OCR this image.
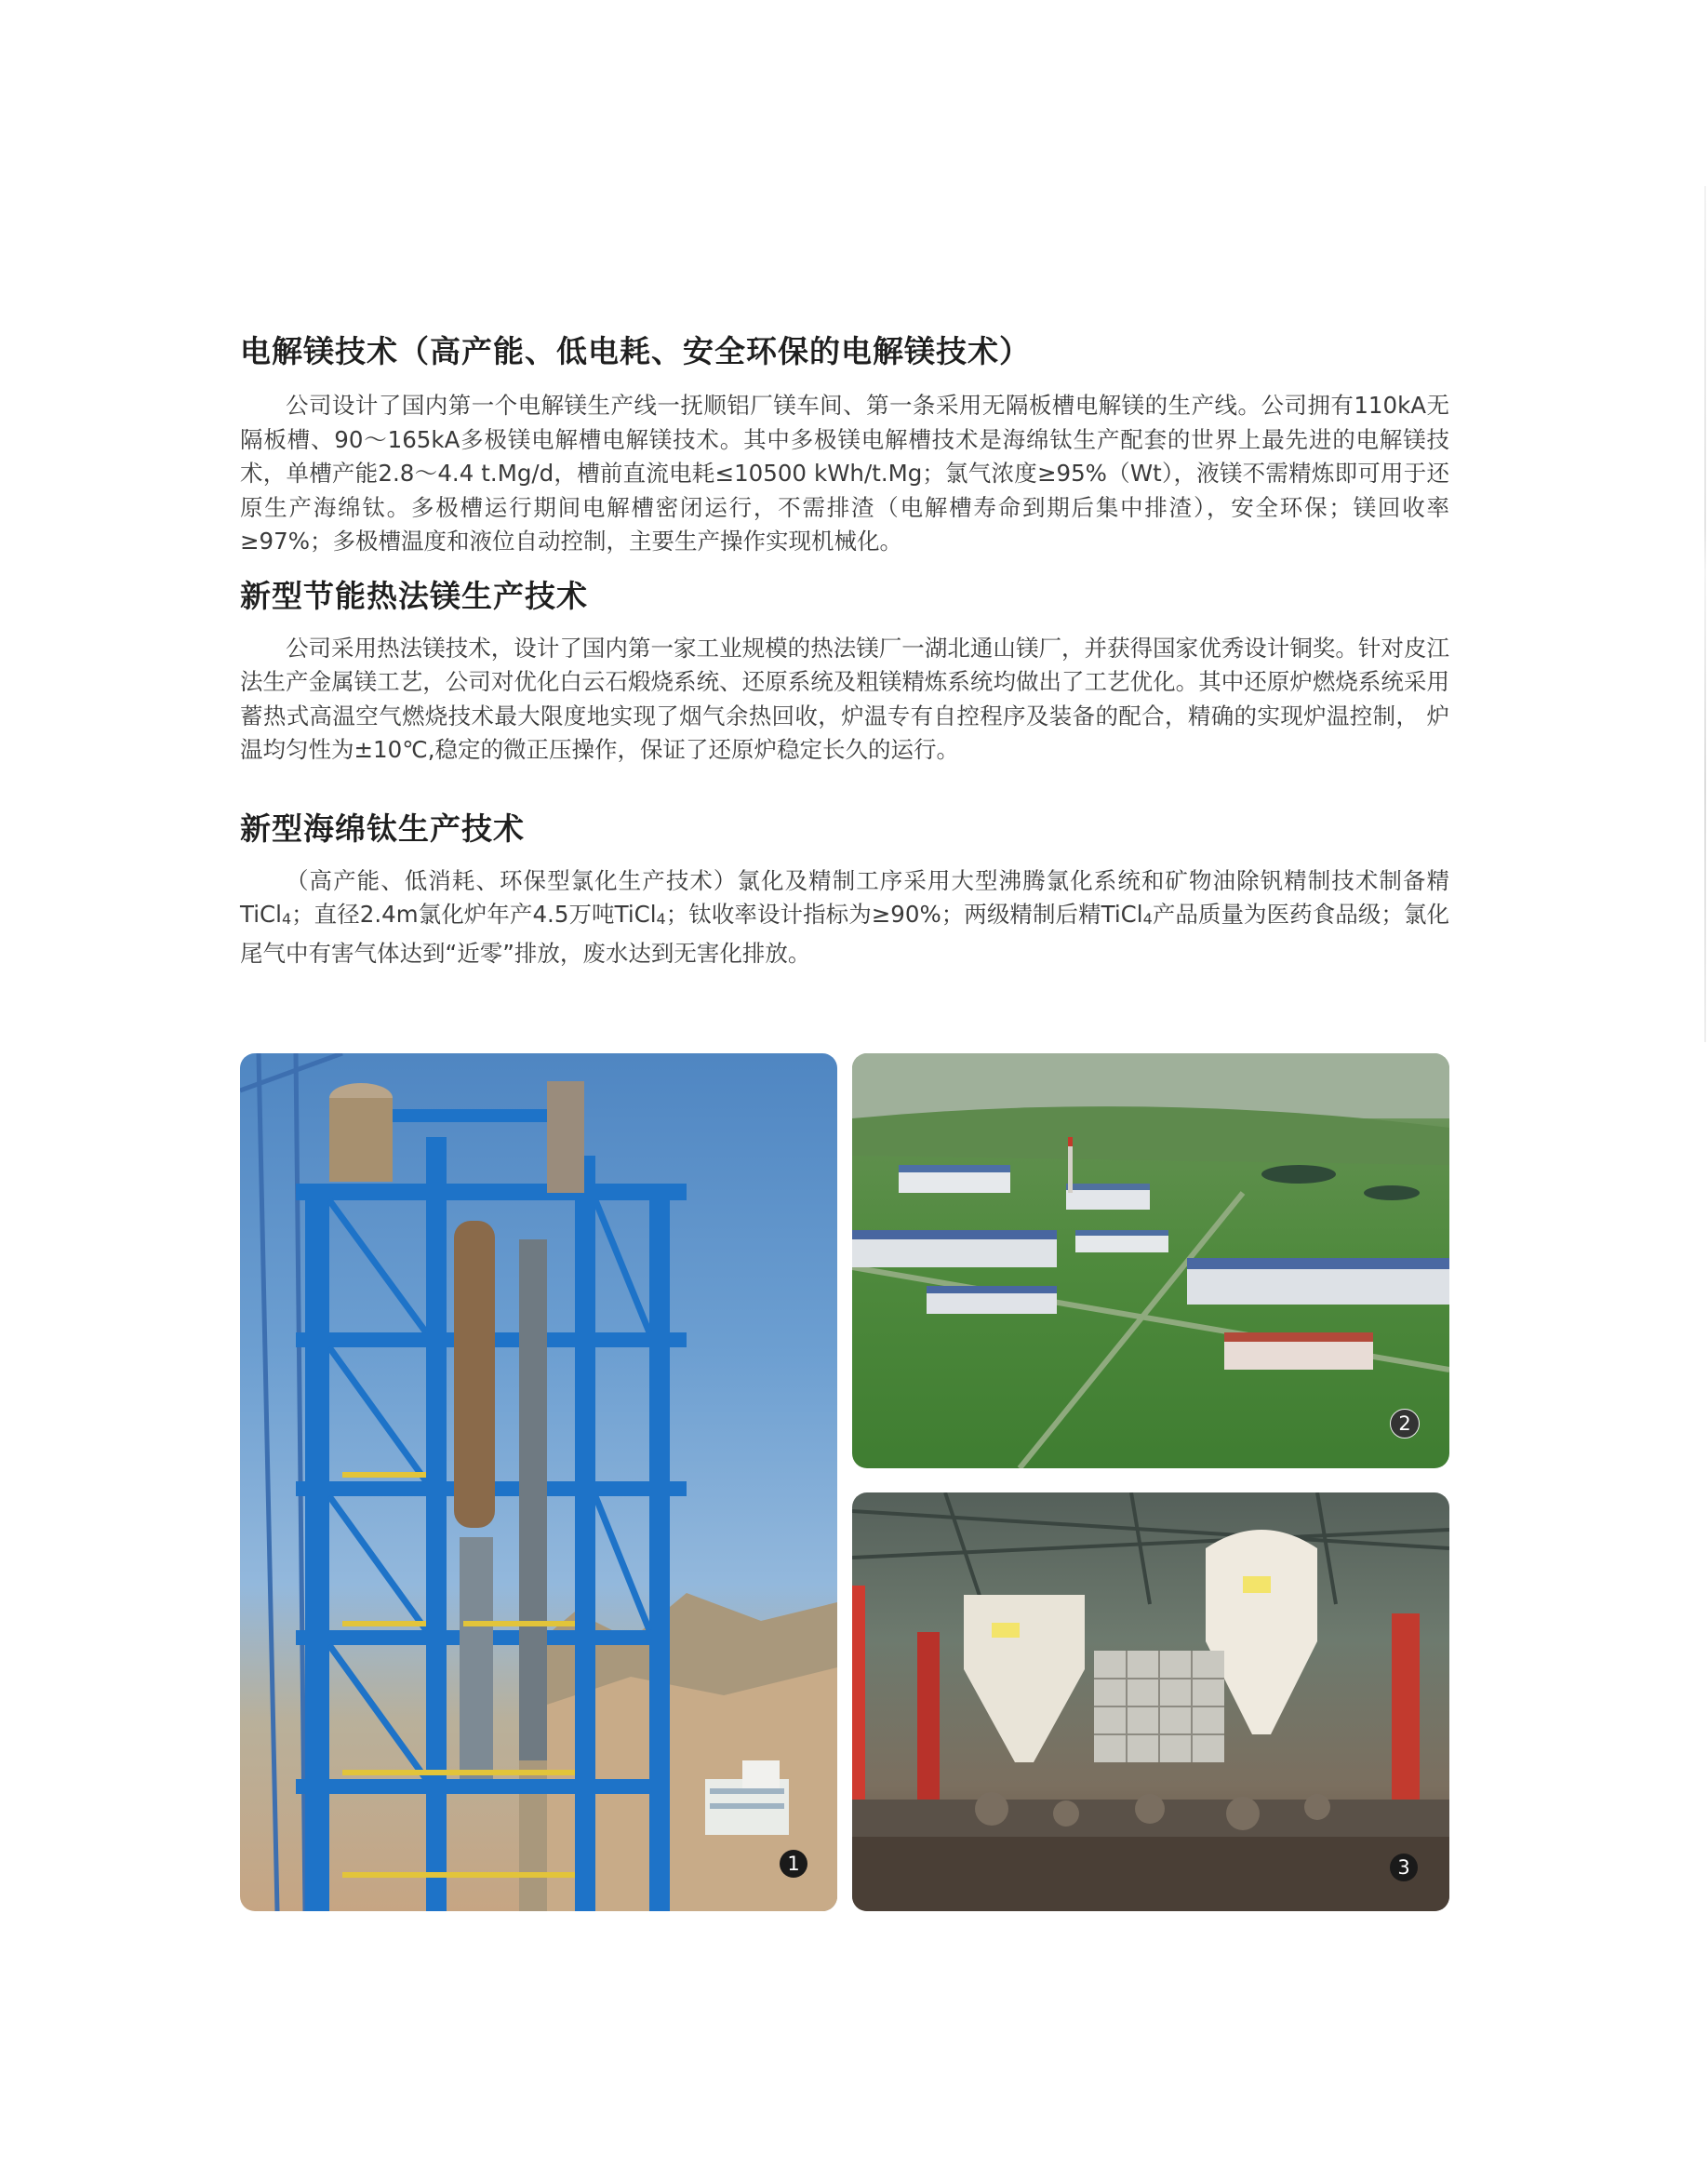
电解镁技术（高产能、低电耗、安全环保的电解镁技术）

公司设计了国内第一个电解镁生产线一抚顺铝厂镁车间、第一条采用无隔板槽电解镁的生产线。公司拥有110kA无隔板槽、90～165kA多极镁电解槽电解镁技术。其中多极镁电解槽技术是海绵钛生产配套的世界上最先进的电解镁技术，单槽产能2.8～4.4 t.Mg/d，槽前直流电耗≤10500 kWh/t.Mg；氯气浓度≥95%（Wt），液镁不需精炼即可用于还原生产海绵钛。多极槽运行期间电解槽密闭运行，不需排渣（电解槽寿命到期后集中排渣），安全环保；镁回收率≥97%；多极槽温度和液位自动控制，主要生产操作实现机械化。

新型节能热法镁生产技术

公司采用热法镁技术，设计了国内第一家工业规模的热法镁厂一湖北通山镁厂，并获得国家优秀设计铜奖。针对皮江法生产金属镁工艺，公司对优化白云石煅烧系统、还原系统及粗镁精炼系统均做出了工艺优化。其中还原炉燃烧系统采用蓄热式高温空气燃烧技术最大限度地实现了烟气余热回收，炉温专有自控程序及装备的配合，精确的实现炉温控制， 炉温均匀性为±10℃,稳定的微正压操作，保证了还原炉稳定长久的运行。

新型海绵钛生产技术

（高产能、低消耗、环保型氯化生产技术）氯化及精制工序采用大型沸腾氯化系统和矿物油除钒精制技术制备精TiCl$_4$；直径2.4m氯化炉年产4.5万吨TiCl$_4$；钛收率设计指标为≥90%；两级精制后精TiCl$_4$产品质量为医药食品级；氯化尾气中有害气体达到“近零”排放，废水达到无害化排放。

1
2
3
